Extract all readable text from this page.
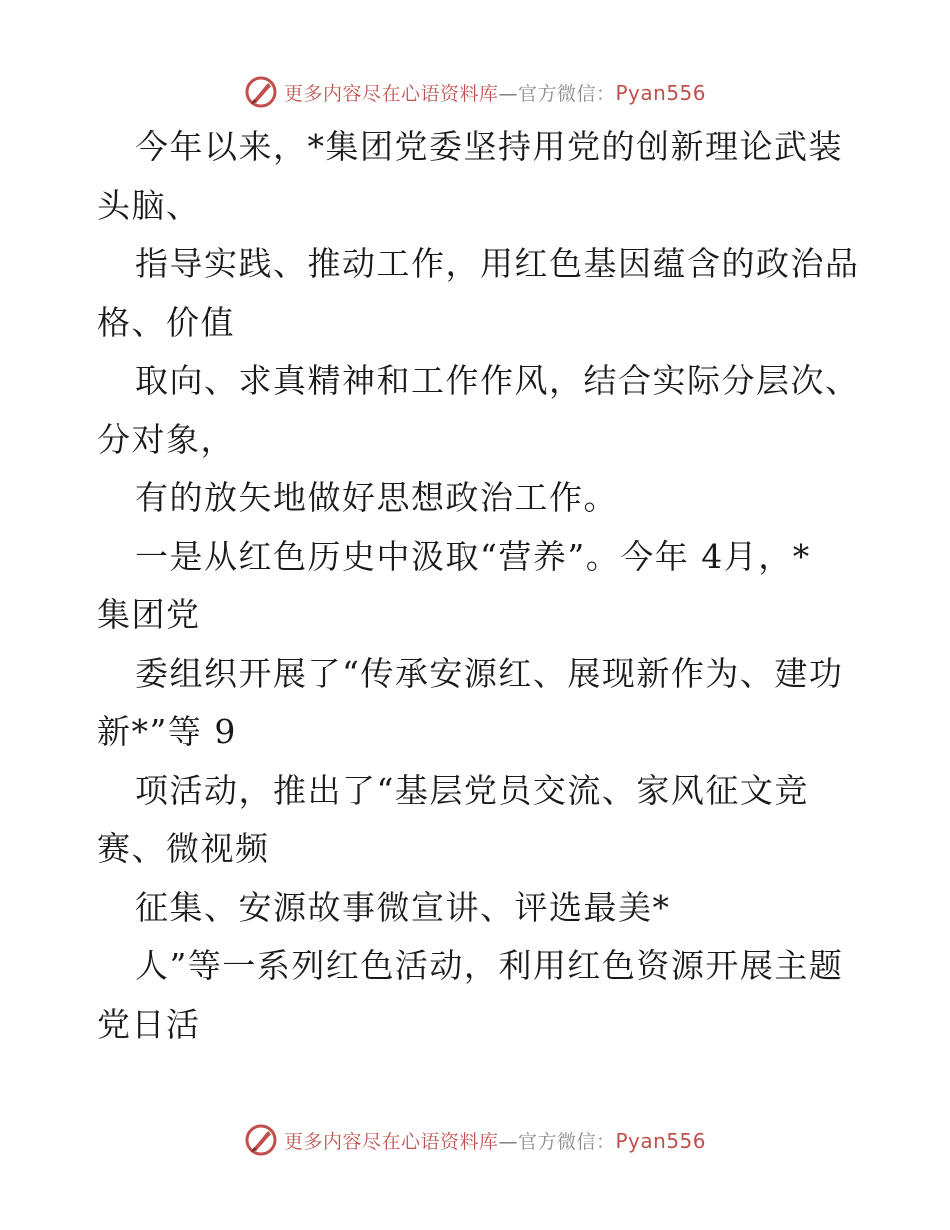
更多内容尽在心语资料库—官方微信：Pyan556
今年以来，*集团党委坚持用党的创新理论武装
头脑、
指导实践、推动工作，用红色基因蕴含的政治品
格、价值
取向、求真精神和工作作风，结合实际分层次、
分对象，
有的放矢地做好思想政治工作。
一是从红色历史中汲取“营养”。今年 4月，*
集团党
委组织开展了“传承安源红、展现新作为、建功
新*”等 9
项活动，推出了“基层党员交流、家风征文竞
赛、微视频
征集、安源故事微宣讲、评选最美*
人”等一系列红色活动，利用红色资源开展主题
党日活
更多内容尽在心语资料库—官方微信：Pyan556
